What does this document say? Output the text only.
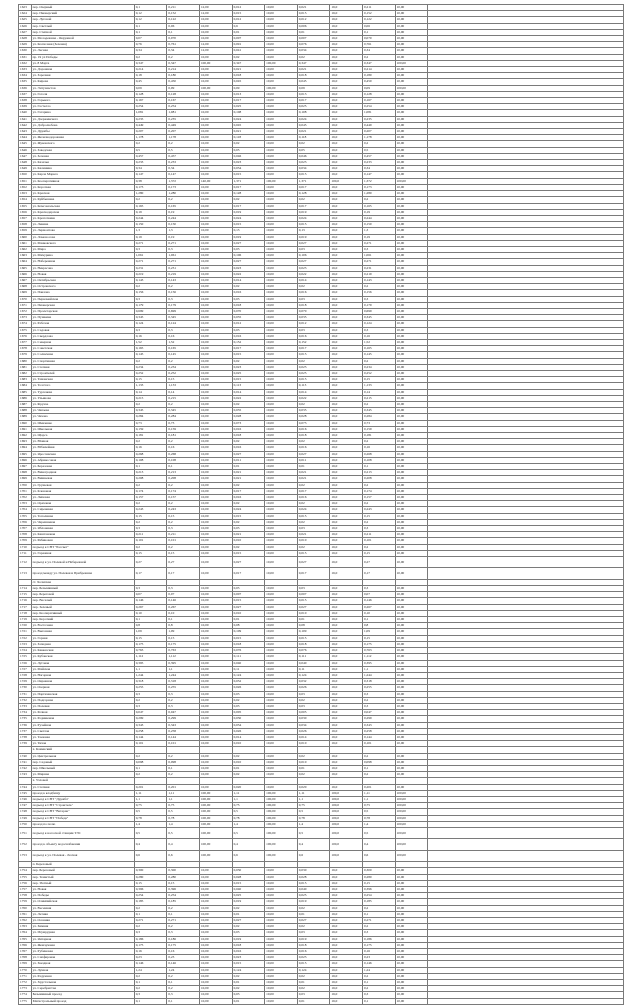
1623	пер. Озерный	0,1	0,211	12,00	0,012	10,00	0,021	16,0	0,211	10,00	
1624	пер. Пионерский	0,12	0,152	12,00	0,015	10,00	0,015	16,0	0,152	10,00	
1625	пер. Луговой	0,12	0,122	10,00	0,012	10,00	0,012	16,0	0,122	10,00	
1626	пер. Светлый	0,1	0,06	10,00	0,6	10,00	0,006	16,0	0,06	10,00	
1627	пер. Степной	0,1	0,1	10,00	0,01	10,00	0,01	16,0	0,1	10,00	
1628	ул. Молодежная - Окружной	0,07	0,070	10,00	0,007	10,00	0,007	16,0	0,070	10,00	
1629	ул. Колхозная (Зеленая)	0,76	0,761	12,00	0,091	10,00	0,076	16,0	0,761	10,00	
1630	ул. Лесная	0,34	0,34	12,00	0,041	10,00	0,034	16,0	0,34	10,00	
1631	пр. 19 ул Победы	0,2	0,2	10,00	0,02	10,00	0,02	16,0	0,2	10,00	
1632	ул. 8 Марта	0,347	0,347	100,00	0,347	100,00	0,347	16,0	0,347	100,00	
1633	ул. Дорожная	0,214	0,214	10,00	0,021	10,00	0,021	16,0	0,214	10,00	
1634	ул. Заречная	0,18	0,180	10,00	0,018	10,00	0,018	16,0	0,180	10,00	
1635	ул. Кирова	0,45	0,450	10,00	0,045	10,00	0,045	16,0	0,450	10,00	
1636	ул. Энтузиастов	0,09	0,09	100,00	0,09	100,00	0,09	16,0	0,09	100,00	
1637	ул. Гоголя	0,128	0,128	10,00	0,013	10,00	0,013	16,0	0,128	10,00	
1638	ул. Горького	0,167	0,167	10,00	0,017	10,00	0,017	16,0	0,167	10,00	
1639	ул. Гастелло	0,254	0,254	10,00	0,025	10,00	0,025	16,0	0,254	10,00	
1640	ул. Гагарина	1,081	1,081	10,00	0,108	10,00	0,108	16,0	1,081	10,00	
1641	ул. Дзержинского	0,235	0,235	10,00	0,024	10,00	0,024	16,0	0,235	10,00	
1642	ул. Добролюбова	0,449	0,449	10,00	0,045	10,00	0,045	16,0	0,449	10,00	
1643	ул. Дружбы	0,207	0,207	10,00	0,021	10,00	0,021	16,0	0,207	10,00	
1644	ул. Железнодорожная	1,178	1,178	10,00	0,118	10,00	0,118	16,0	1,178	10,00	
1645	ул. Жуковского	0,2	0,2	10,00	0,02	10,00	0,02	16,0	0,2	10,00	
1646	ул. Заводская	0,5	0,5	10,00	0,05	10,00	0,05	16,0	0,5	10,00	
1647	ул. Зеленая	0,457	0,457	10,00	0,046	10,00	0,046	16,0	0,457	10,00	
1648	ул. Казачья	0,233	0,233	10,00	0,023	10,00	0,023	16,0	0,233	10,00	
1649	ул. Калинина	0,34	0,34	10,00	0,034	10,00	0,034	16,0	0,34	10,00	
1650	ул. Карла Маркса	0,147	0,147	10,00	0,015	10,00	0,015	16,0	0,147	10,00	
1651	ул. Кооперативная	0,38	1,372	140,00	1,371	100,00	1,371	100,0	1,372	100,00	
1652	ул. Короткая	0,173	0,173	10,00	0,017	10,00	0,017	16,0	0,173	10,00	
1653	ул. Красная	1,280	1,280	10,00	0,128	10,00	0,128	16,0	1,280	10,00	
1654	ул. Куйбышева	0,2	0,2	10,00	0,02	10,00	0,02	16,0	0,2	10,00	
1655	ул. Комсомольская	0,165	0,165	10,00	0,017	10,00	0,017	16,0	0,165	10,00	
1656	ул. Краснодарская	0,19	0,19	10,00	0,019	10,00	0,019	16,0	0,19	10,00	
1657	ул. Кропоткина	0,244	0,244	10,00	0,024	10,00	0,024	16,0	0,244	10,00	
1658	ул. Ленина	0,150	0,150	10,00	0,015	10,00	0,015	16,0	0,150	10,00	
1659	ул. Лермонтова	1,3	1,3	10,00	0,13	10,00	0,13	16,0	1,3	10,00	
1660	ул. Ломоносова	0,19	0,19	10,00	0,019	10,00	0,019	16,0	0,19	10,00	
1661	ул. Маяковского	0,271	0,271	10,00	0,027	10,00	0,027	16,0	0,271	10,00	
1662	ул. Мира	0,3	0,3	10,00	0,03	10,00	0,03	16,0	0,3	10,00	
1663	ул. Мичурина	1,061	1,061	10,00	0,106	10,00	0,106	16,0	1,061	10,00	
1664	ул. Набережная	0,271	0,271	10,00	0,027	10,00	0,027	16,0	0,271	10,00	
1665	ул. Некрасова	0,231	0,231	10,00	0,023	10,00	0,023	16,0	0,231	10,00	
1666	ул. Новая	0,219	0,219	10,00	0,022	10,00	0,022	16,0	0,219	10,00	
1667	ул. Октябрьская	0,143	0,143	10,00	0,014	10,00	0,014	16,0	0,143	10,00	
1668	ул. Островского	0,2	0,2	10,00	0,02	10,00	0,02	16,0	0,2	10,00	
1669	ул. Павлова	0,156	0,156	10,00	0,016	10,00	0,016	16,0	0,156	10,00	
1670	ул. Первомайская	0,3	0,3	10,00	0,03	10,00	0,03	16,0	0,3	10,00	
1671	ул. Пионерская	0,179	0,179	10,00	0,018	10,00	0,018	16,0	0,179	10,00	
1672	ул. Пролетарская	0,699	0,699	10,00	0,070	10,00	0,070	16,0	0,699	10,00	
1673	ул. Пушкина	0,345	0,345	10,00	0,035	10,00	0,035	16,0	0,345	10,00	
1674	ул. Рабочая	0,124	0,124	10,00	0,012	10,00	0,012	16,0	0,124	10,00	
1675	ул. Садовая	0,3	0,3	10,00	0,03	10,00	0,03	16,0	0,3	10,00	
1676	ул. Свердлова	0,16	0,16	10,00	0,016	10,00	0,016	16,0	0,16	10,00	
1677	ул. Северная	1,52	1,52	10,00	0,152	10,00	0,152	16,0	1,52	10,00	
1678	ул. Советская	0,165	0,165	10,00	0,017	10,00	0,017	16,0	0,165	10,00	
1679	ул. Солнечная	0,145	0,145	10,00	0,015	10,00	0,015	16,0	0,145	10,00	
1680	ул. Спортивная	0,2	0,2	10,00	0,02	10,00	0,02	16,0	0,2	10,00	
1681	ул. Степная	0,234	0,234	10,00	0,023	10,00	0,023	16,0	0,234	10,00	
1682	ул. Строителей	0,252	0,252	10,00	0,025	10,00	0,025	16,0	0,252	10,00	
1683	ул. Таманская	0,15	0,15	10,00	0,015	10,00	0,015	16,0	0,15	10,00	
1684	ул. Толстого	1,133	1,133	10,00	0,113	10,00	0,113	16,0	1,133	10,00	
1685	ул. Тургенева	0,14	0,14	10,00	0,014	10,00	0,014	16,0	0,14	10,00	
1686	ул. Ульянова	0,215	0,215	10,00	0,022	10,00	0,022	16,0	0,215	10,00	
1687	ул. Фрунзе	0,2	0,2	10,00	0,02	10,00	0,02	16,0	0,2	10,00	
1688	ул. Чапаева	0,345	0,345	10,00	0,035	10,00	0,035	16,0	0,345	10,00	
1689	ул. Чехова	0,284	0,284	10,00	0,028	10,00	0,028	16,0	0,284	10,00	
1690	ул. Шевченко	0,73	0,73	10,00	0,073	10,00	0,073	16,0	0,73	10,00	
1691	ул. Школьная	0,159	0,159	10,00	0,016	10,00	0,016	16,0	0,159	10,00	
1692	ул. Щорса	0,181	0,181	10,00	0,018	10,00	0,018	16,0	0,181	10,00	
1693	ул. Южная	0,2	0,2	10,00	0,02	10,00	0,02	16,0	0,2	10,00	
1694	ул. Юбилейная	0,16	0,16	10,00	0,016	10,00	0,016	16,0	0,16	10,00	
1695	ул. Ярославская	0,268	0,268	10,00	0,027	10,00	0,027	16,0	0,268	10,00	
1696	ул. Абрикосовая	0,108	0,108	10,00	0,011	10,00	0,011	16,0	0,108	10,00	
1697	ул. Березовая	0,1	0,1	10,00	0,01	10,00	0,01	16,0	0,1	10,00	
1698	ул. Виноградная	0,213	0,213	10,00	0,021	10,00	0,021	16,0	0,213	10,00	
1699	ул. Вишневая	0,208	0,208	10,00	0,021	10,00	0,021	16,0	0,208	10,00	
1700	ул. Грушевая	0,2	0,2	10,00	0,02	10,00	0,02	16,0	0,2	10,00	
1701	ул. Кленовая	0,174	0,174	10,00	0,017	10,00	0,017	16,0	0,174	10,00	
1702	ул. Липовая	0,157	0,157	10,00	0,016	10,00	0,016	16,0	0,157	10,00	
1703	ул. Ореховая	0,2	0,2	10,00	0,02	10,00	0,02	16,0	0,2	10,00	
1704	ул. Сиреневая	0,243	0,243	10,00	0,024	10,00	0,024	16,0	0,243	10,00	
1705	ул. Тополиная	0,15	0,15	10,00	0,015	10,00	0,015	16,0	0,15	10,00	
1706	ул. Черешневая	0,2	0,2	10,00	0,02	10,00	0,02	16,0	0,2	10,00	
1707	ул. Яблоневая	0,3	0,3	10,00	0,03	10,00	0,03	16,0	0,3	10,00	
1708	ул. Каштановая	0,211	0,211	10,00	0,021	10,00	0,021	16,0	0,211	10,00	
1709	ул. Рябиновая	0,101	0,101	10,00	0,010	10,00	0,010	16,0	0,101	10,00	
1710	подъезд к СНТ "Рассвет"	0,2	0,2	10,00	0,02	10,00	0,02	16,0	0,2	10,00	
1711	ул. Гаражная	0,15	0,15	10,00	0,015	10,00	0,015	16,0	0,15	10,00	
1712	подъезд к ул. Полевой и Набережной	0,27	0,27	10,00	0,027	10,00	0,027	16,0	0,27	10,00	
1713	проезд между ул. Полевая и Прибрежная	0,17	0,17	10,00	0,017	10,00	0,017	16,0	0,17	10,00	
	ст. Холмская										
1714	пер. Безымянный	0,3	0,3	10,00	0,03	10,00	0,03	16,0	0,3	10,00	
1715	пер. Береговой	0,07	0,07	10,00	0,007	10,00	0,007	16,0	0,07	10,00	
1716	пер. Веселый	0,146	0,146	10,00	0,015	10,00	0,015	16,0	0,146	10,00	
1717	пер. Зеленый	0,267	0,267	10,00	0,027	10,00	0,027	16,0	0,267	10,00	
1718	пер. Кооперативный	0,10	0,10	10,00	0,010	10,00	0,010	16,0	0,10	10,00	
1719	пер. Короткий	0,1	0,1	10,00	0,01	10,00	0,01	16,0	0,1	10,00	
1720	ул. Восточная	0,8	0,8	10,00	0,08	10,00	0,08	16,0	0,8	10,00	
1721	ул. Выгонная	1,09	1,09	10,00	0,109	10,00	0,109	16,0	1,09	10,00	
1722	ул. Горная	0,15	0,15	10,00	0,015	10,00	0,015	16,0	0,15	10,00	
1723	ул. Западная	0,175	0,175	10,00	0,018	10,00	0,018	16,0	0,175	10,00	
1724	ул. Кавказская	0,763	0,763	10,00	0,076	10,00	0,076	16,0	0,763	10,00	
1725	ул. Кубанская	1,112	1,112	10,00	0,111	10,00	0,111	16,0	1,112	10,00	
1726	ул. Луговая	0,395	0,395	10,00	0,040	10,00	0,040	16,0	0,395	10,00	
1727	ул. Майская	1,1	1,1	10,00	0,11	10,00	0,11	16,0	1,1	10,00	
1728	ул. Нагорная	1,244	1,244	10,00	0,124	10,00	0,124	16,0	1,244	10,00	
1729	ул. Овражная	0,318	0,318	10,00	0,032	10,00	0,032	16,0	0,318	10,00	
1730	ул. Озерная	0,255	0,255	10,00	0,026	10,00	0,026	16,0	0,255	10,00	
1731	ул. Партизанская	0,3	0,3	10,00	0,03	10,00	0,03	16,0	0,3	10,00	
1732	ул. Подгорная	0,2	0,2	10,00	0,02	10,00	0,02	16,0	0,2	10,00	
1733	ул. Полевая	0,3	0,3	10,00	0,03	10,00	0,03	16,0	0,3	10,00	
1734	ул. Речная	0,047	0,047	10,00	0,005	10,00	0,005	16,0	0,047	10,00	
1735	ул. Родниковая	0,299	0,299	10,00	0,030	10,00	0,030	16,0	0,299	10,00	
1736	ул. Ручейная	0,343	0,343	10,00	0,034	10,00	0,034	16,0	0,343	10,00	
1737	ул. Светлая	0,258	0,258	10,00	0,026	10,00	0,026	16,0	0,258	10,00	
1738	ул. Таежная	0,144	0,144	10,00	0,014	10,00	0,014	16,0	0,144	10,00	
1739	ул. Тихая	0,101	0,101	10,00	0,010	10,00	0,010	16,0	0,101	10,00	
	х. Каменский										
1740	ул. Центральная	0,2	0,2	10,00	0,02	10,00	0,02	16,0	0,2	10,00	
1741	пер. Садовый	0,098	0,098	10,00	0,010	10,00	0,010	16,0	0,098	10,00	
1742	пер. Школьный	0,1	0,1	10,00	0,01	10,00	0,01	16,0	0,1	10,00	
1743	ул. Мирная	0,2	0,2	10,00	0,02	10,00	0,02	16,0	0,2	10,00	
	х. Узловой										
1744	ул. Степная	0,201	0,201	10,00	0,020	10,00	0,020	16,0	0,201	10,00	
1745	проезд к кладбищу	1,11	1,11	100,00	1,11	100,00	1,11	100,0	1,11	100,00	
1746	подъезд к СНТ "Дружба"	1,1	1,1	100,00	1,1	100,00	1,1	100,0	1,1	100,00	
1747	подъезд к СНТ "Строитель"	0,75	0,75	100,00	0,75	100,00	0,75	100,0	0,75	100,00	
1748	подъезд к СНТ "Ветеран"	0,5	0,5	100,00	0,5	100,00	0,5	100,0	0,5	100,00	
1749	подъезд к СНТ "Победа"	0,78	0,78	100,00	0,78	100,00	0,78	100,0	0,78	100,00	
1750	проезд по полю	1,4	1,4	100,00	1,4	100,00	1,4	100,0	1,4	100,00	
1751	подъезд к насосной станции ТЭС	0,5	0,5	100,00	0,5	100,00	0,5	100,0	0,5	100,00	
1752	проезд к объекту водоснабжения	0,4	0,4	100,00	0,4	100,00	0,4	100,0	0,4	100,00	
1753	подъезд к ул. Полевая - Лесная	0,6	0,6	100,00	0,6	100,00	0,6	100,0	0,6	100,00	
	п. Березовый										
1754	пер. Березовый	0,300	0,300	10,00	0,030	10,00	0,030	16,0	0,300	10,00	
1755	пер. Тенистый	0,280	0,280	10,00	0,028	10,00	0,028	16,0	0,280	10,00	
1756	пер. Уютный	0,15	0,15	10,00	0,015	10,00	0,015	16,0	0,15	10,00	
1757	ул. Новая	0,396	0,396	10,00	0,040	10,00	0,040	16,0	0,396	10,00	
1758	ул. Победы	0,254	0,254	10,00	0,025	10,00	0,025	16,0	0,254	10,00	
1759	ул. Олимпийская	0,185	0,185	10,00	0,019	10,00	0,019	16,0	0,185	10,00	
1760	ул. Весенняя	0,2	0,2	10,00	0,02	10,00	0,02	16,0	0,2	10,00	
1761	ул. Летняя	0,1	0,1	10,00	0,01	10,00	0,01	16,0	0,1	10,00	
1762	ул. Осенняя	0,271	0,271	10,00	0,027	10,00	0,027	16,0	0,271	10,00	
1763	ул. Зимняя	0,2	0,2	10,00	0,02	10,00	0,02	16,0	0,2	10,00	
1764	ул. Изумрудная	0,3	0,3	10,00	0,03	10,00	0,03	16,0	0,3	10,00	
1765	ул. Янтарная	0,186	0,186	10,00	0,019	10,00	0,019	16,0	0,186	10,00	
1766	ул. Жемчужная	0,175	0,175	10,00	0,018	10,00	0,018	16,0	0,175	10,00	
1767	ул. Рубиновая	0,16	0,16	10,00	0,016	10,00	0,016	16,0	0,16	10,00	
1768	ул. Сапфировая	0,23	0,23	10,00	0,023	10,00	0,023	16,0	0,23	10,00	
1769	ул. Звездная	0,146	0,146	10,00	0,015	10,00	0,015	16,0	0,146	10,00	
1770	ул. Лунная	1,24	1,24	10,00	0,124	10,00	0,124	16,0	1,24	10,00	
1771	ул. Радужная	0,2	0,2	10,00	0,02	10,00	0,02	16,0	0,2	10,00	
1772	ул. Хрустальная	0,1	0,1	10,00	0,01	10,00	0,01	16,0	0,1	10,00	
1773	ул. Серебристая	0,2	0,2	10,00	0,02	10,00	0,02	16,0	0,2	10,00	
1774	Безымянный проезд	0,3	0,3	10,00	0,03	10,00	0,03	16,0	0,3	10,00	
1775	Магистральный проезд	0,1	0,1	10,00	0,01	10,00	0,01	16,0	0,1	10,00	
